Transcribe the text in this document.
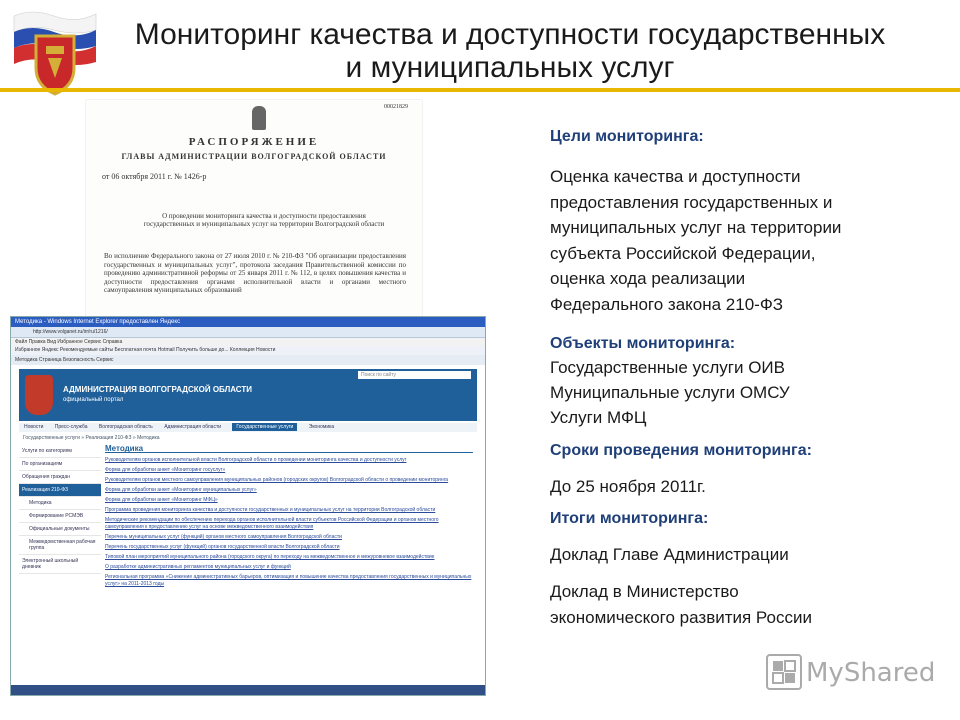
Мониторинг качества и доступности государственных
и муниципальных услуг
00021829
РАСПОРЯЖЕНИЕ
ГЛАВЫ АДМИНИСТРАЦИИ ВОЛГОГРАДСКОЙ ОБЛАСТИ
от 06 октября 2011 г. № 1426-р
О проведении мониторинга качества и доступности предоставления государственных и муниципальных услуг на территории Волгоградской области
Во исполнение Федерального закона от 27 июля 2010 г. № 210-ФЗ "Об организации предоставления государственных и муниципальных услуг", протокола заседания Правительственной комиссии по проведению административной реформы от 25 января 2011 г. № 112, в целях повышения качества и доступности предоставления органами исполнительной власти и органами местного самоуправления муниципальных образований
Методика - Windows Internet Explorer предоставлен Яндекс
http://www.volganet.ru/irr/ru/1216/
Файл Правка Вид Избранное Сервис Справка
Избранное Яндекс Рекомендуемые сайты Бесплатная почта Hotmail Получить больше до... Коллекция Новости
Методика Страница Безопасность Сервис
АДМИНИСТРАЦИЯ ВОЛГОГРАДСКОЙ ОБЛАСТИ
официальный портал
Поиск по сайту
Новости Пресс-служба Волгоградская область Администрация области	Государственные услуги	Экономика
Государственные услуги » Реализация 210-ФЗ » Методика
Услуги по категориям
По организациям
Обращения граждан
Реализация 210-ФЗ
Методика
Формирование РСМЭВ
Официальные документы
Межведомственная рабочая группа
Электронный школьный дневник
Методика

Руководителям органов исполнительной власти Волгоградской области о проведении мониторинга качества и доступности услуг

Форма для обработки анкет «Мониторинг госуслуг»

Руководителям органов местного самоуправления муниципальных районов (городских округов) Волгоградской области о проведении мониторинга

Форма для обработки анкет «Мониторинг муниципальных услуг»

Форма для обработки анкет «Мониторинг МФЦ»

Программа проведения мониторинга качества и доступности государственных и муниципальных услуг на территории Волгоградской области

Методические рекомендации по обеспечению перехода органов исполнительной власти субъектов Российской Федерации и органов местного самоуправления к предоставлению услуг на основе межведомственного взаимодействия

Перечень муниципальных услуг (функций) органов местного самоуправления Волгоградской области

Перечень государственных услуг (функций) органов государственной власти Волгоградской области

Типовой план мероприятий муниципального района (городского округа) по переходу на межведомственное и межуровневое взаимодействие

О разработке административных регламентов муниципальных услуг и функций

Региональная программа «Снижение административных барьеров, оптимизация и повышение качества предоставления государственных и муниципальных услуг» на 2011-2013 годы

Цели мониторинга:
Оценка качества и доступности
предоставления государственных и
муниципальных услуг на территории
субъекта Российской Федерации,
оценка хода реализации
Федерального закона 210-ФЗ
Объекты мониторинга:
Государственные услуги ОИВ
Муниципальные услуги ОМСУ
Услуги МФЦ
Сроки проведения мониторинга:
До 25 ноября 2011г.
Итоги мониторинга:
Доклад Главе Администрации
Доклад в Министерство
экономического развития России
MyShared
